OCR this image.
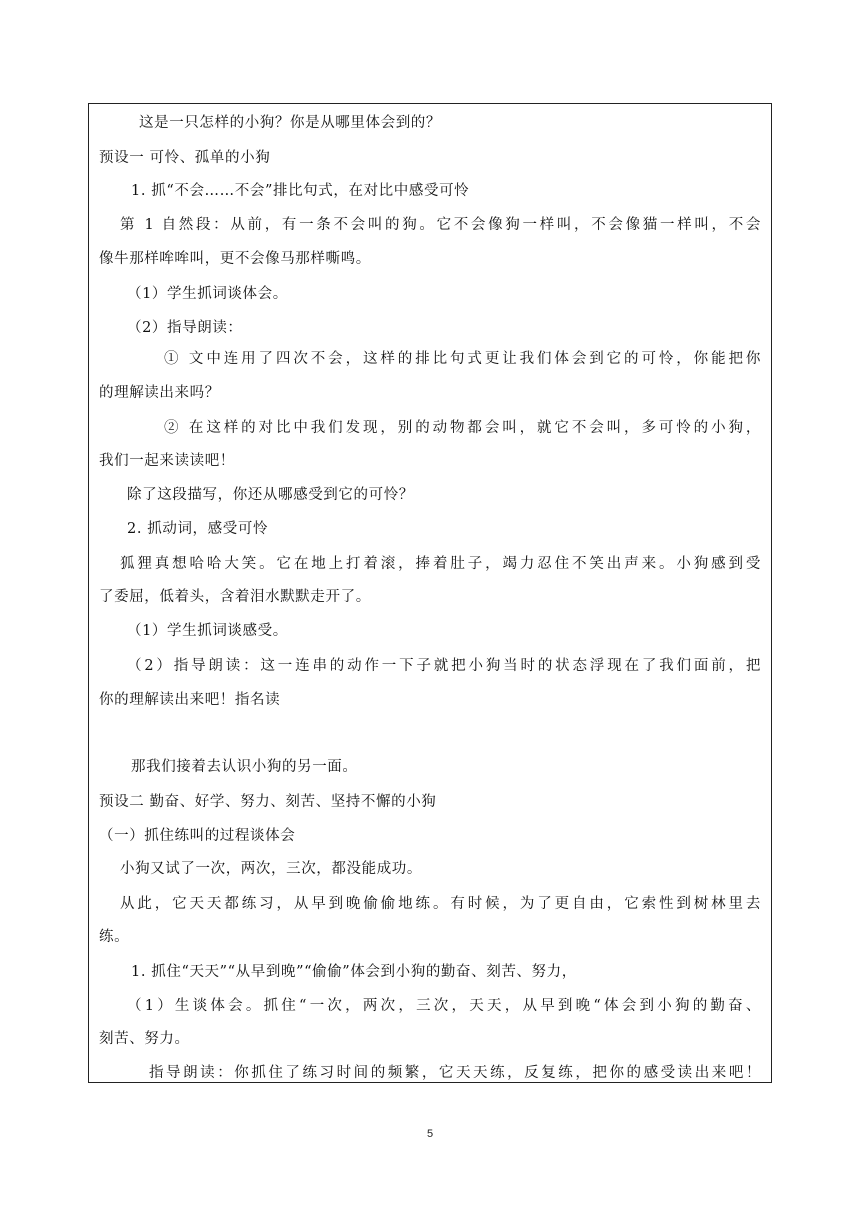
这是一只怎样的小狗？你是从哪里体会到的？
预设一 可怜、孤单的小狗
1. 抓“不会……不会”排比句式，在对比中感受可怜
第 1 自然段：从前，有一条不会叫的狗。它不会像狗一样叫，不会像猫一样叫，不会
像牛那样哞哞叫，更不会像马那样嘶鸣。
（1）学生抓词谈体会。
（2）指导朗读：
① 文中连用了四次不会，这样的排比句式更让我们体会到它的可怜，你能把你
的理解读出来吗？
② 在这样的对比中我们发现，别的动物都会叫，就它不会叫，多可怜的小狗，
我们一起来读读吧！
除了这段描写，你还从哪感受到它的可怜？
2. 抓动词，感受可怜
狐狸真想哈哈大笑。它在地上打着滚，捧着肚子，竭力忍住不笑出声来。小狗感到受
了委屈，低着头，含着泪水默默走开了。
（1）学生抓词谈感受。
（2）指导朗读：这一连串的动作一下子就把小狗当时的状态浮现在了我们面前，把
你的理解读出来吧！指名读
那我们接着去认识小狗的另一面。
预设二 勤奋、好学、努力、刻苦、坚持不懈的小狗
（一）抓住练叫的过程谈体会
小狗又试了一次，两次，三次，都没能成功。
从此，它天天都练习，从早到晚偷偷地练。有时候，为了更自由，它索性到树林里去
练。
1. 抓住“天天”“从早到晚”“偷偷”体会到小狗的勤奋、刻苦、努力，
（1）生谈体会。抓住“一次，两次，三次，天天，从早到晚“体会到小狗的勤奋、
刻苦、努力。
指导朗读：你抓住了练习时间的频繁，它天天练，反复练，把你的感受读出来吧！
5
